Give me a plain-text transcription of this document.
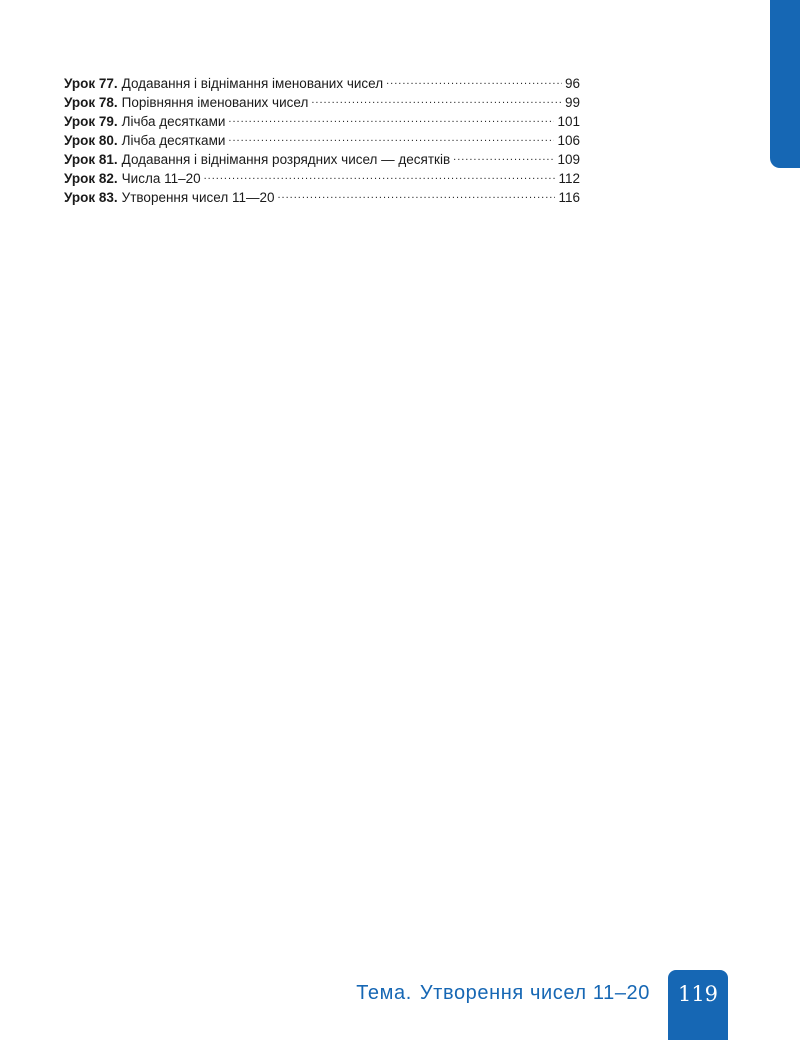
Урок 77. Додавання і віднімання іменованих чисел .....	96
Урок 78. Порівняння іменованих чисел .....	99
Урок 79. Лічба десятками .....	101
Урок 80. Лічба десятками .....	106
Урок 81. Додавання і віднімання розрядних чисел — десятків .....	109
Урок 82. Числа 11–20 .....	112
Урок 83. Утворення чисел 11—20 .....	116
Тема. Утворення чисел 11–20	119
